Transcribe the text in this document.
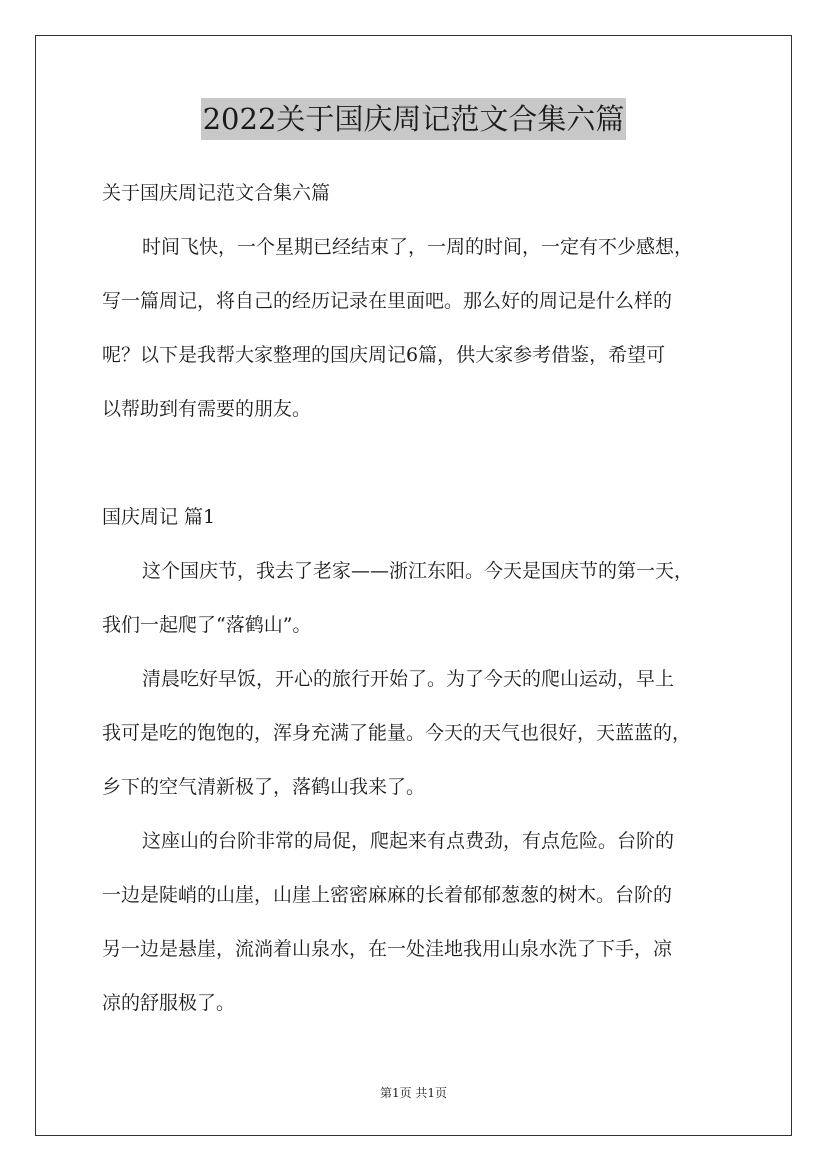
2022关于国庆周记范文合集六篇
关于国庆周记范文合集六篇
时间飞快，一个星期已经结束了，一周的时间，一定有不少感想，
写一篇周记，将自己的经历记录在里面吧。那么好的周记是什么样的
呢？以下是我帮大家整理的国庆周记6篇，供大家参考借鉴，希望可
以帮助到有需要的朋友。
国庆周记 篇1
这个国庆节，我去了老家——浙江东阳。今天是国庆节的第一天，
我们一起爬了“落鹤山”。
清晨吃好早饭，开心的旅行开始了。为了今天的爬山运动，早上
我可是吃的饱饱的，浑身充满了能量。今天的天气也很好，天蓝蓝的，
乡下的空气清新极了，落鹤山我来了。
这座山的台阶非常的局促，爬起来有点费劲，有点危险。台阶的
一边是陡峭的山崖，山崖上密密麻麻的长着郁郁葱葱的树木。台阶的
另一边是悬崖，流淌着山泉水，在一处洼地我用山泉水洗了下手，凉
凉的舒服极了。
第1页 共1页
